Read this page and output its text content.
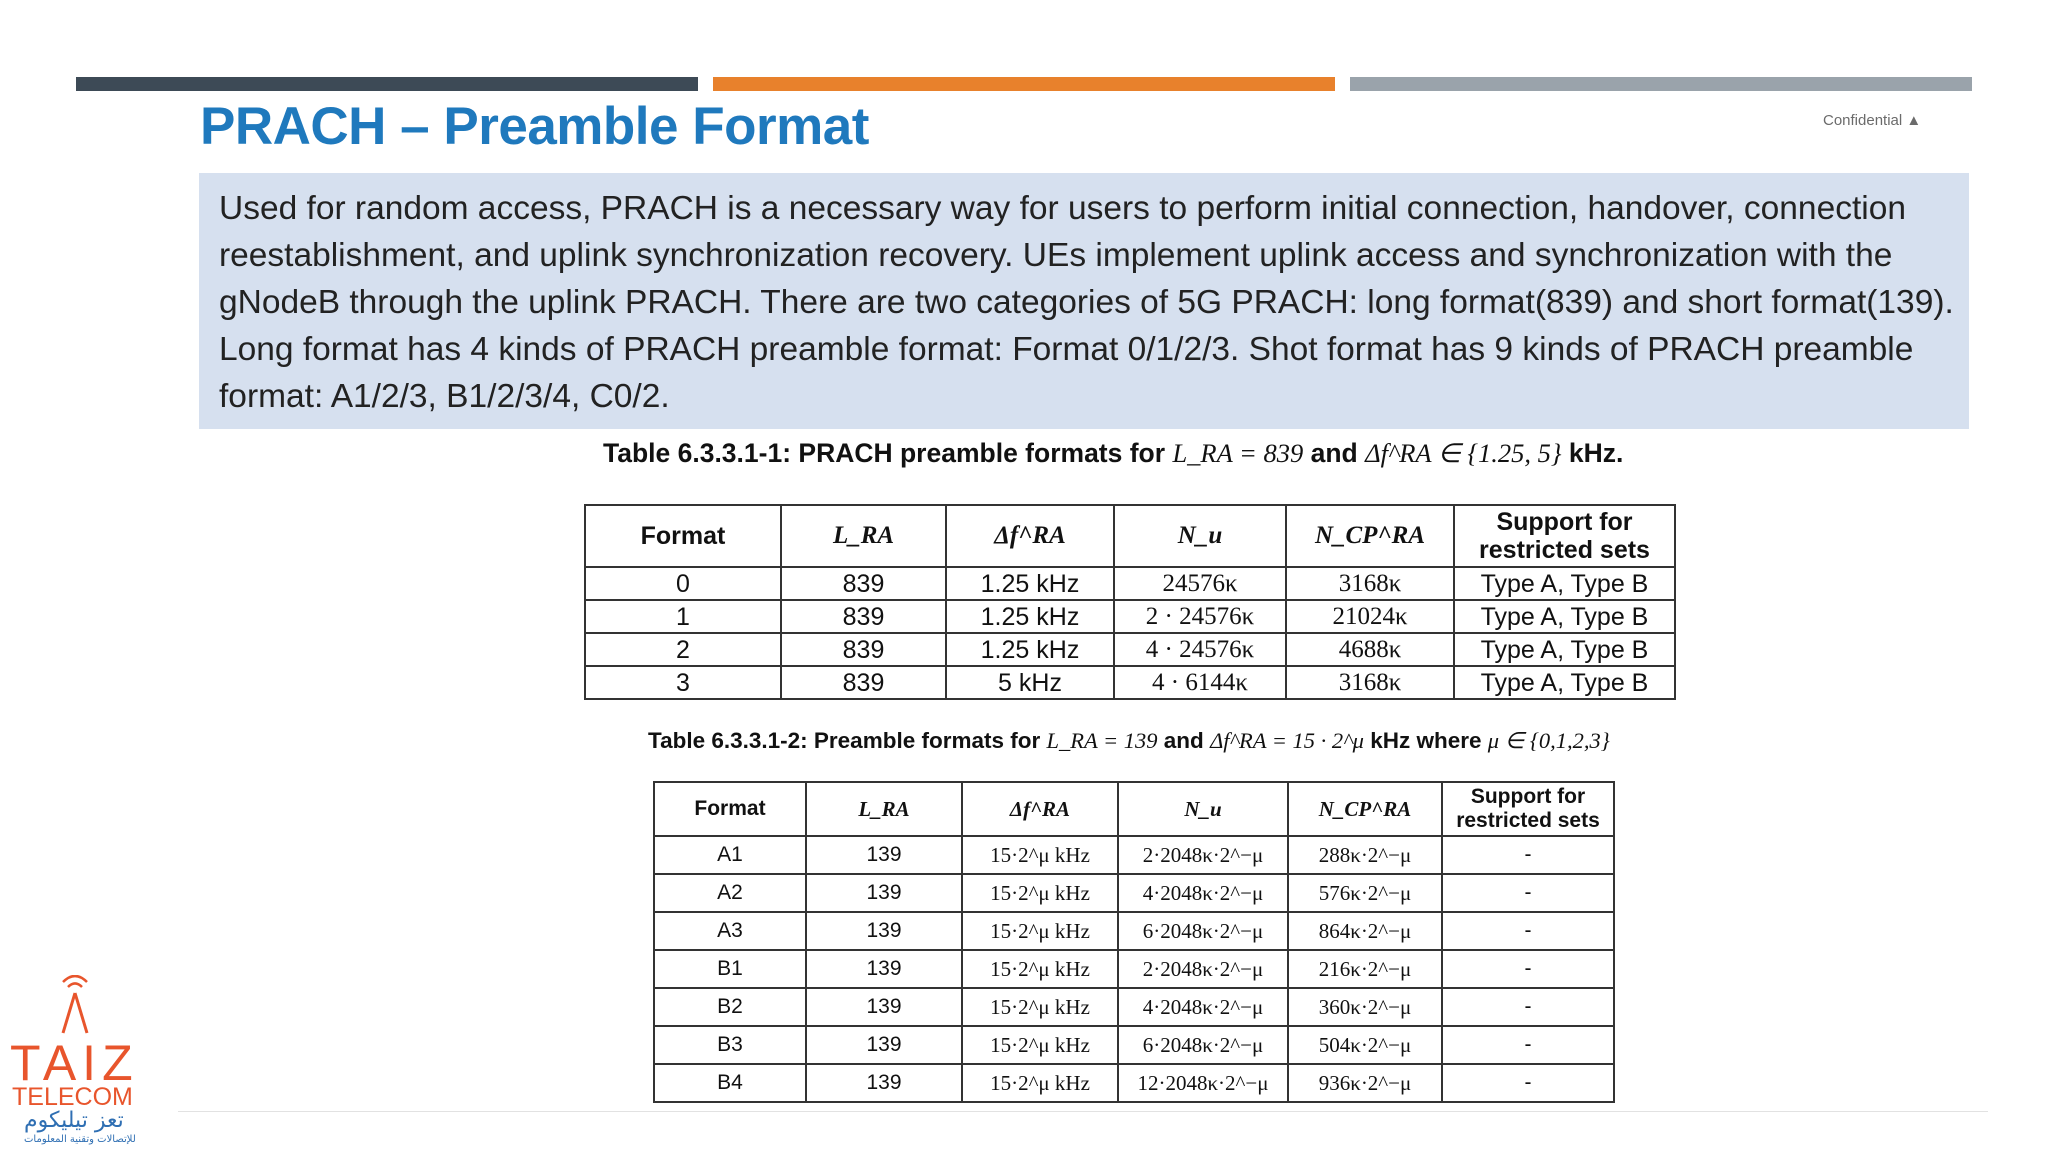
PRACH – Preamble Format	Confidential ▲
Used for random access, PRACH is a necessary way for users to perform initial connection, handover, connection
reestablishment, and uplink synchronization recovery. UEs implement uplink access and synchronization with the
gNodeB through the uplink PRACH. There are two categories of 5G PRACH: long format(839) and short format(139).
Long format has 4 kinds of PRACH preamble format: Format 0/1/2/3. Shot format has 9 kinds of PRACH preamble
format: A1/2/3, B1/2/3/4, C0/2.
Table 6.3.3.1-1: PRACH preamble formats for L_RA = 839 and Δf^RA ∈ {1.25, 5} kHz.
Format	L_RA	Δf^RA	N_u	N_CP^RA	Support for restricted sets
0	839	1.25 kHz	24576κ	3168κ	Type A, Type B
1	839	1.25 kHz	2 · 24576κ	21024κ	Type A, Type B
2	839	1.25 kHz	4 · 24576κ	4688κ	Type A, Type B
3	839	5 kHz	4 · 6144κ	3168κ	Type A, Type B
Table 6.3.3.1-2: Preamble formats for L_RA = 139 and Δf^RA = 15 · 2^μ kHz where μ ∈ {0,1,2,3}
Format	L_RA	Δf^RA	N_u	N_CP^RA	Support for restricted sets
A1	139	15·2^μ kHz	2·2048κ·2^−μ	288κ·2^−μ	-
A2	139	15·2^μ kHz	4·2048κ·2^−μ	576κ·2^−μ	-
A3	139	15·2^μ kHz	6·2048κ·2^−μ	864κ·2^−μ	-
B1	139	15·2^μ kHz	2·2048κ·2^−μ	216κ·2^−μ	-
B2	139	15·2^μ kHz	4·2048κ·2^−μ	360κ·2^−μ	-
B3	139	15·2^μ kHz	6·2048κ·2^−μ	504κ·2^−μ	-
B4	139	15·2^μ kHz	12·2048κ·2^−μ	936κ·2^−μ	-
TAIZ
TELECOM
تعز تيليكوم
للإتصالات وتقنية المعلومات
